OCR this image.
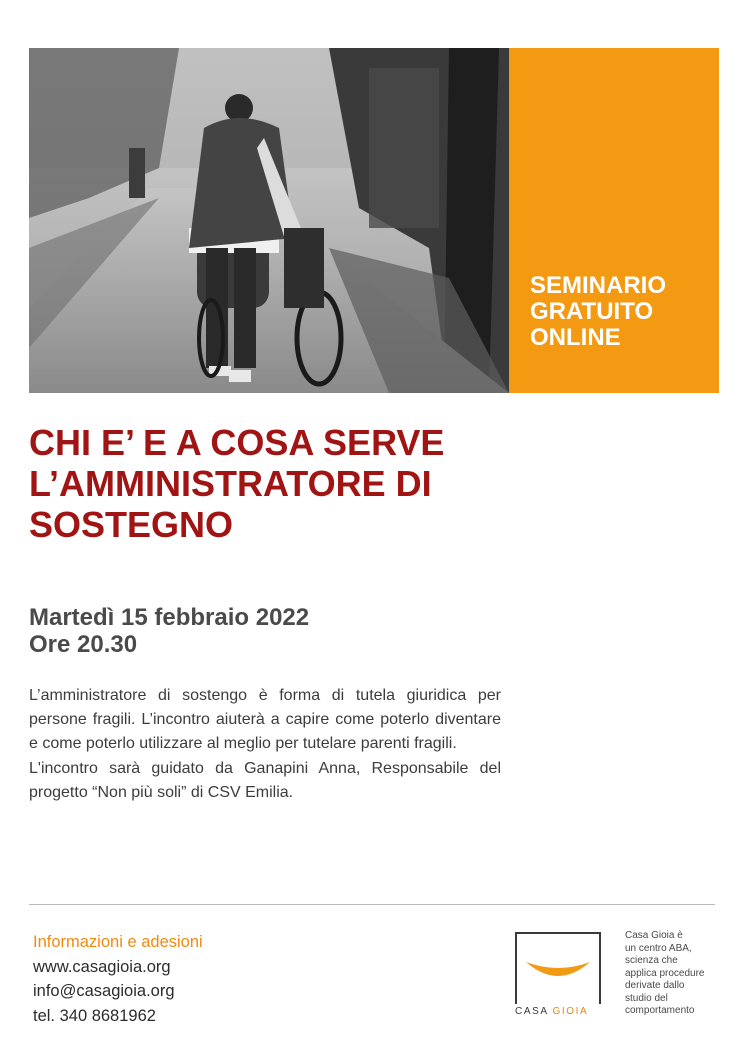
SEMINARIO
GRATUITO
ONLINE
CHI E’ E A COSA SERVE
L’AMMINISTRATORE DI
SOSTEGNO
Martedì 15 febbraio 2022
Ore 20.30

L’amministratore di sostengo è forma di tutela giuridica per persone fragili. L’incontro aiuterà a capire come poterlo diventare e come poterlo utilizzare al meglio per tutelare parenti fragili.

L'incontro sarà guidato da Ganapini Anna, Responsabile del progetto “Non più soli” di CSV Emilia.

Informazioni e adesioni
www.casagioia.org
info@casagioia.org
tel. 340 8681962	CASA GIOIA
Casa Gioia è
un centro ABA,
scienza che
applica procedure
derivate dallo
studio del
comportamento
